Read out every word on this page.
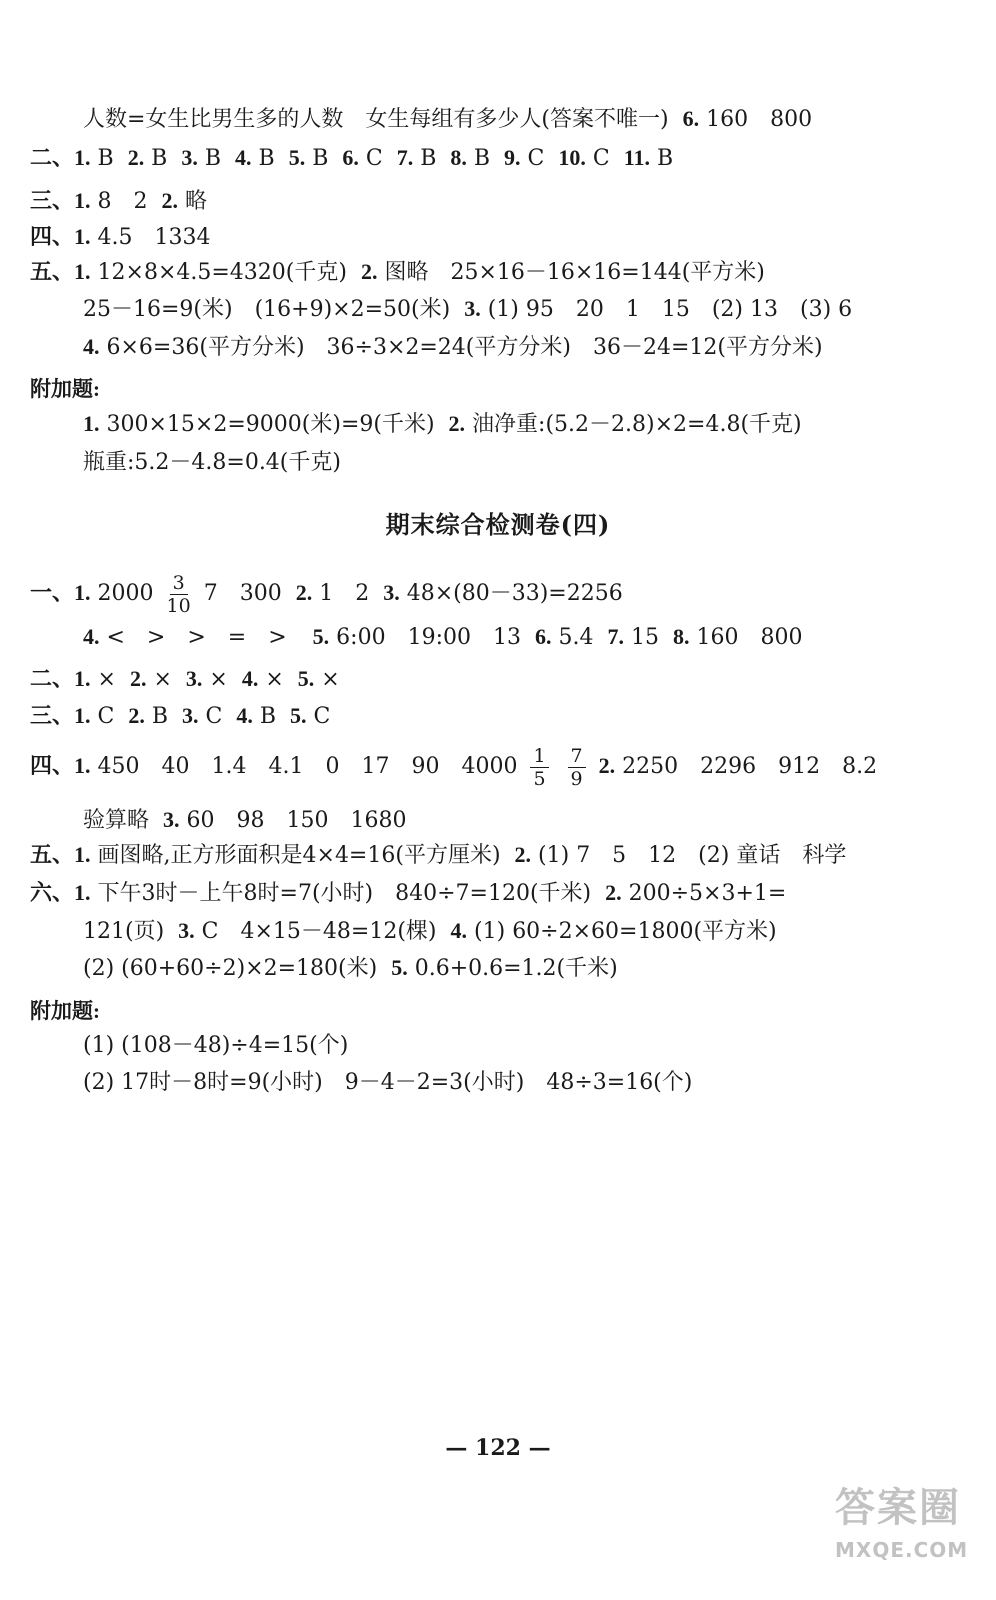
人数=女生比男生多的人数　女生每组有多少人(答案不唯一) 6. 160　800
二、1. B 2. B 3. B 4. B 5. B 6. C 7. B 8. B 9. C 10. C 11. B
三、1. 8　2 2. 略
四、1. 4.5　1334
五、1. 12×8×4.5=4320(千克) 2. 图略　25×16－16×16=144(平方米)
25－16=9(米)　(16+9)×2=50(米) 3. (1) 95　20　1　15　(2) 13　(3) 6
4. 6×6=36(平方分米)　36÷3×2=24(平方分米)　36－24=12(平方分米)
附加题:
1. 300×15×2=9000(米)=9(千米) 2. 油净重:(5.2－2.8)×2=4.8(千克)
瓶重:5.2－4.8=0.4(千克)
期末综合检测卷(四)
一、1. $2000 \frac{3}{10} 7$　300 2. 1　2 3. 48×(80－33)=2256
4. <　>　>　=　> 5. 6:00　19:00　13 6. 5.4 7. 15 8. 160　800
二、1. × 2. × 3. × 4. × 5. ×
三、1. C 2. B 3. C 4. B 5. C
四、1. 450　40　1.4　4.1　0　17　90　$4000 \frac{1}{5}$
$\frac{7}{9} 2$. 2250　2296　912　8.2
验算略 3. 60　98　150　1680
五、1. 画图略,正方形面积是4×4=16(平方厘米) 2. (1) 7　5　12　(2) 童话　科学
六、1. 下午3时－上午8时=7(小时)　840÷7=120(千米) 2. 200÷5×3+1=
121(页) 3. C　4×15－48=12(棵) 4. (1) 60÷2×60=1800(平方米)
(2) (60+60÷2)×2=180(米) 5. 0.6+0.6=1.2(千米)
附加题:
(1) (108－48)÷4=15(个)
(2) 17时－8时=9(小时)　9－4－2=3(小时)　48÷3=16(个)
— 122 —
答案圈
MXQE.COM
